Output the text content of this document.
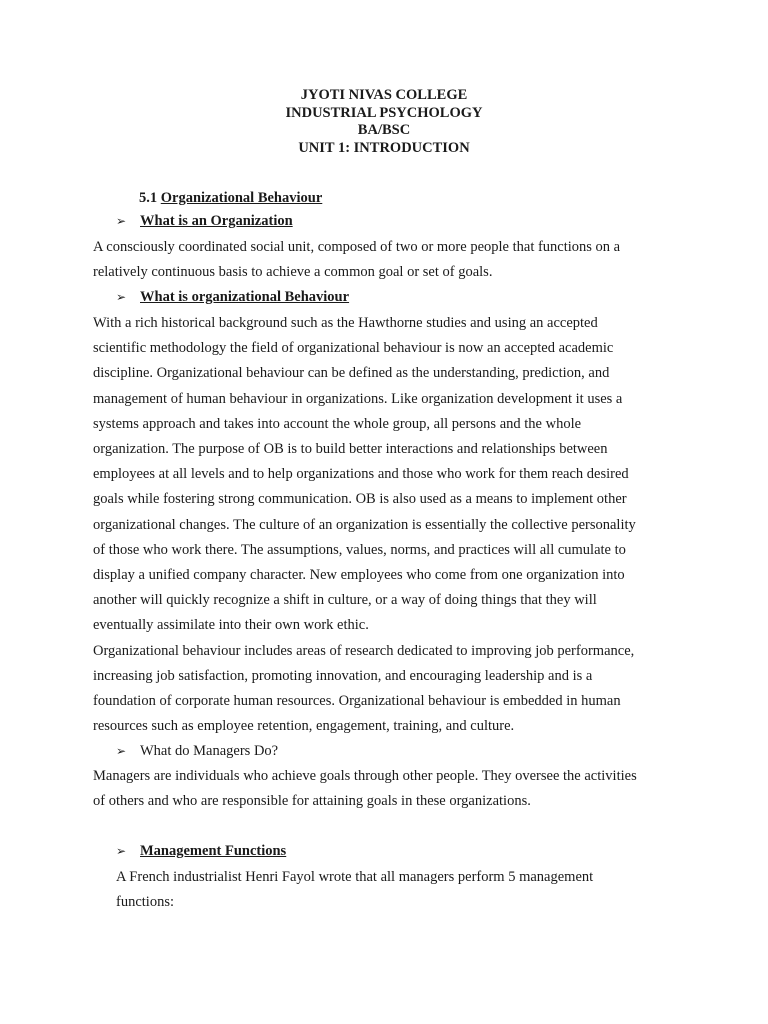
JYOTI NIVAS COLLEGE
INDUSTRIAL PSYCHOLOGY
BA/BSC
UNIT 1: INTRODUCTION
5.1 Organizational Behaviour
➢ What is an Organization
A consciously coordinated social unit, composed of two or more people that functions on a
relatively continuous basis to achieve a common goal or set of goals.
➢ What is organizational Behaviour
With a rich historical background such as the Hawthorne studies and using an accepted
scientific methodology the field of organizational behaviour is now an accepted academic
discipline. Organizational behaviour can be defined as the understanding, prediction, and
management of human behaviour in organizations. Like organization development it uses a
systems approach and takes into account the whole group, all persons and the whole
organization. The purpose of OB is to build better interactions and relationships between
employees at all levels and to help organizations and those who work for them reach desired
goals while fostering strong communication. OB is also used as a means to implement other
organizational changes. The culture of an organization is essentially the collective personality
of those who work there. The assumptions, values, norms, and practices will all cumulate to
display a unified company character. New employees who come from one organization into
another will quickly recognize a shift in culture, or a way of doing things that they will
eventually assimilate into their own work ethic.
Organizational behaviour includes areas of research dedicated to improving job performance,
increasing job satisfaction, promoting innovation, and encouraging leadership and is a
foundation of corporate human resources. Organizational behaviour is embedded in human
resources such as employee retention, engagement, training, and culture.
➢ What do Managers Do?
Managers are individuals who achieve goals through other people. They oversee the activities
of others and who are responsible for attaining goals in these organizations.
➢ Management Functions
A French industrialist Henri Fayol wrote that all managers perform 5 management
functions:
